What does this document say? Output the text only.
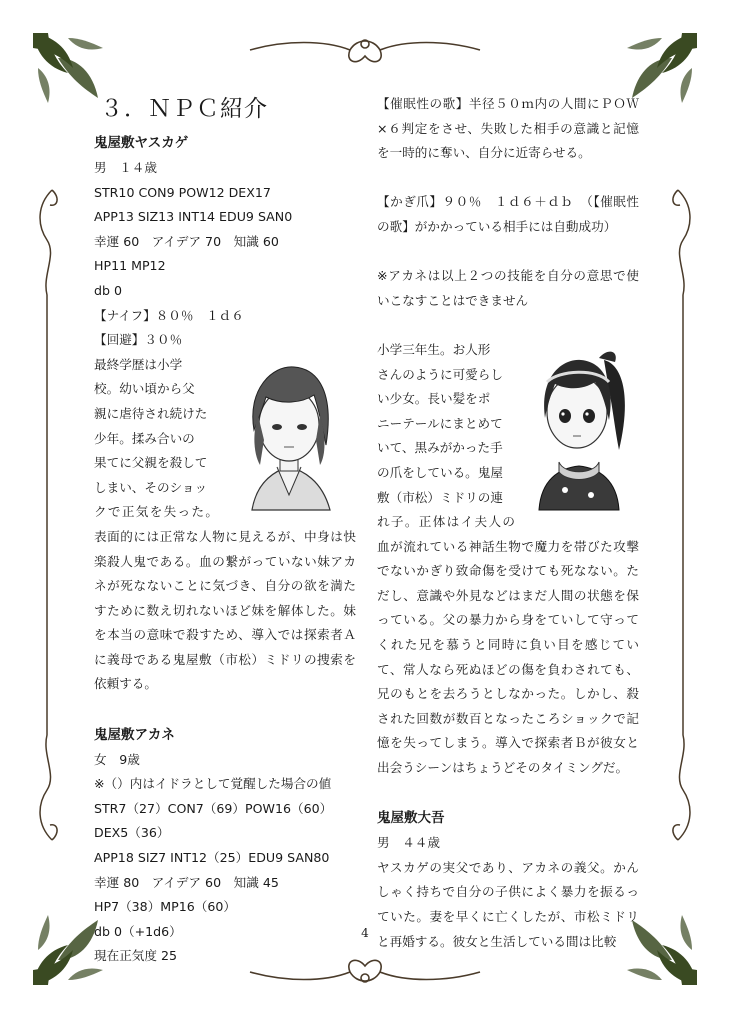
３．ＮＰＣ紹介
鬼屋敷ヤスカゲ

男　１４歳

STR10 CON9 POW12 DEX17

APP13 SIZ13 INT14 EDU9 SAN0

幸運 60　アイデア 70　知識 60

HP11 MP12

db 0

【ナイフ】８０％　１ｄ６

【回避】３０％

最終学歴は小学

校。幼い頃から父

親に虐待され続けた

少年。揉み合いの

果てに父親を殺して

しまい、そのショッ

クで正気を失った。表面的には正常な人物に見えるが、中身は快楽殺人鬼である。血の繋がっていない妹アカネが死なないことに気づき、自分の欲を満たすために数え切れないほど妹を解体した。妹を本当の意味で殺すため、導入では探索者Ａに義母である鬼屋敷（市松）ミドリの捜索を依頼する。

鬼屋敷アカネ

女　9歳

※（）内はイドラとして覚醒した場合の値

STR7（27）CON7（69）POW16（60）

DEX5（36）

APP18 SIZ7 INT12（25）EDU9 SAN80

幸運 80　アイデア 60　知識 45

HP7（38）MP16（60）

db 0（+1d6）

現在正気度 25

【催眠性の歌】半径５０ｍ内の人間にＰＯＷ×６判定をさせ、失敗した相手の意識と記憶を一時的に奪い、自分に近寄らせる。

【かぎ爪】９０％　１ｄ６＋ｄｂ　（【催眠性の歌】がかかっている相手には自動成功）

※アカネは以上２つの技能を自分の意思で使いこなすことはできません

小学三年生。お人形

さんのように可愛らし

い少女。長い髪をポ

ニーテールにまとめて

いて、黒みがかった手

の爪をしている。鬼屋

敷（市松）ミドリの連

れ子。正体はイ夫人の血が流れている神話生物で魔力を帯びた攻撃でないかぎり致命傷を受けても死なない。ただし、意識や外見などはまだ人間の状態を保っている。父の暴力から身をていして守ってくれた兄を慕うと同時に負い目を感じていて、常人なら死ぬほどの傷を負わされても、兄のもとを去ろうとしなかった。しかし、殺された回数が数百となったころショックで記憶を失ってしまう。導入で探索者Ｂが彼女と出会うシーンはちょうどそのタイミングだ。

鬼屋敷大吾

男　４４歳

ヤスカゲの実父であり、アカネの義父。かんしゃく持ちで自分の子供によく暴力を振るっていた。妻を早くに亡くしたが、市松ミドリと再婚する。彼女と生活している間は比較

4
